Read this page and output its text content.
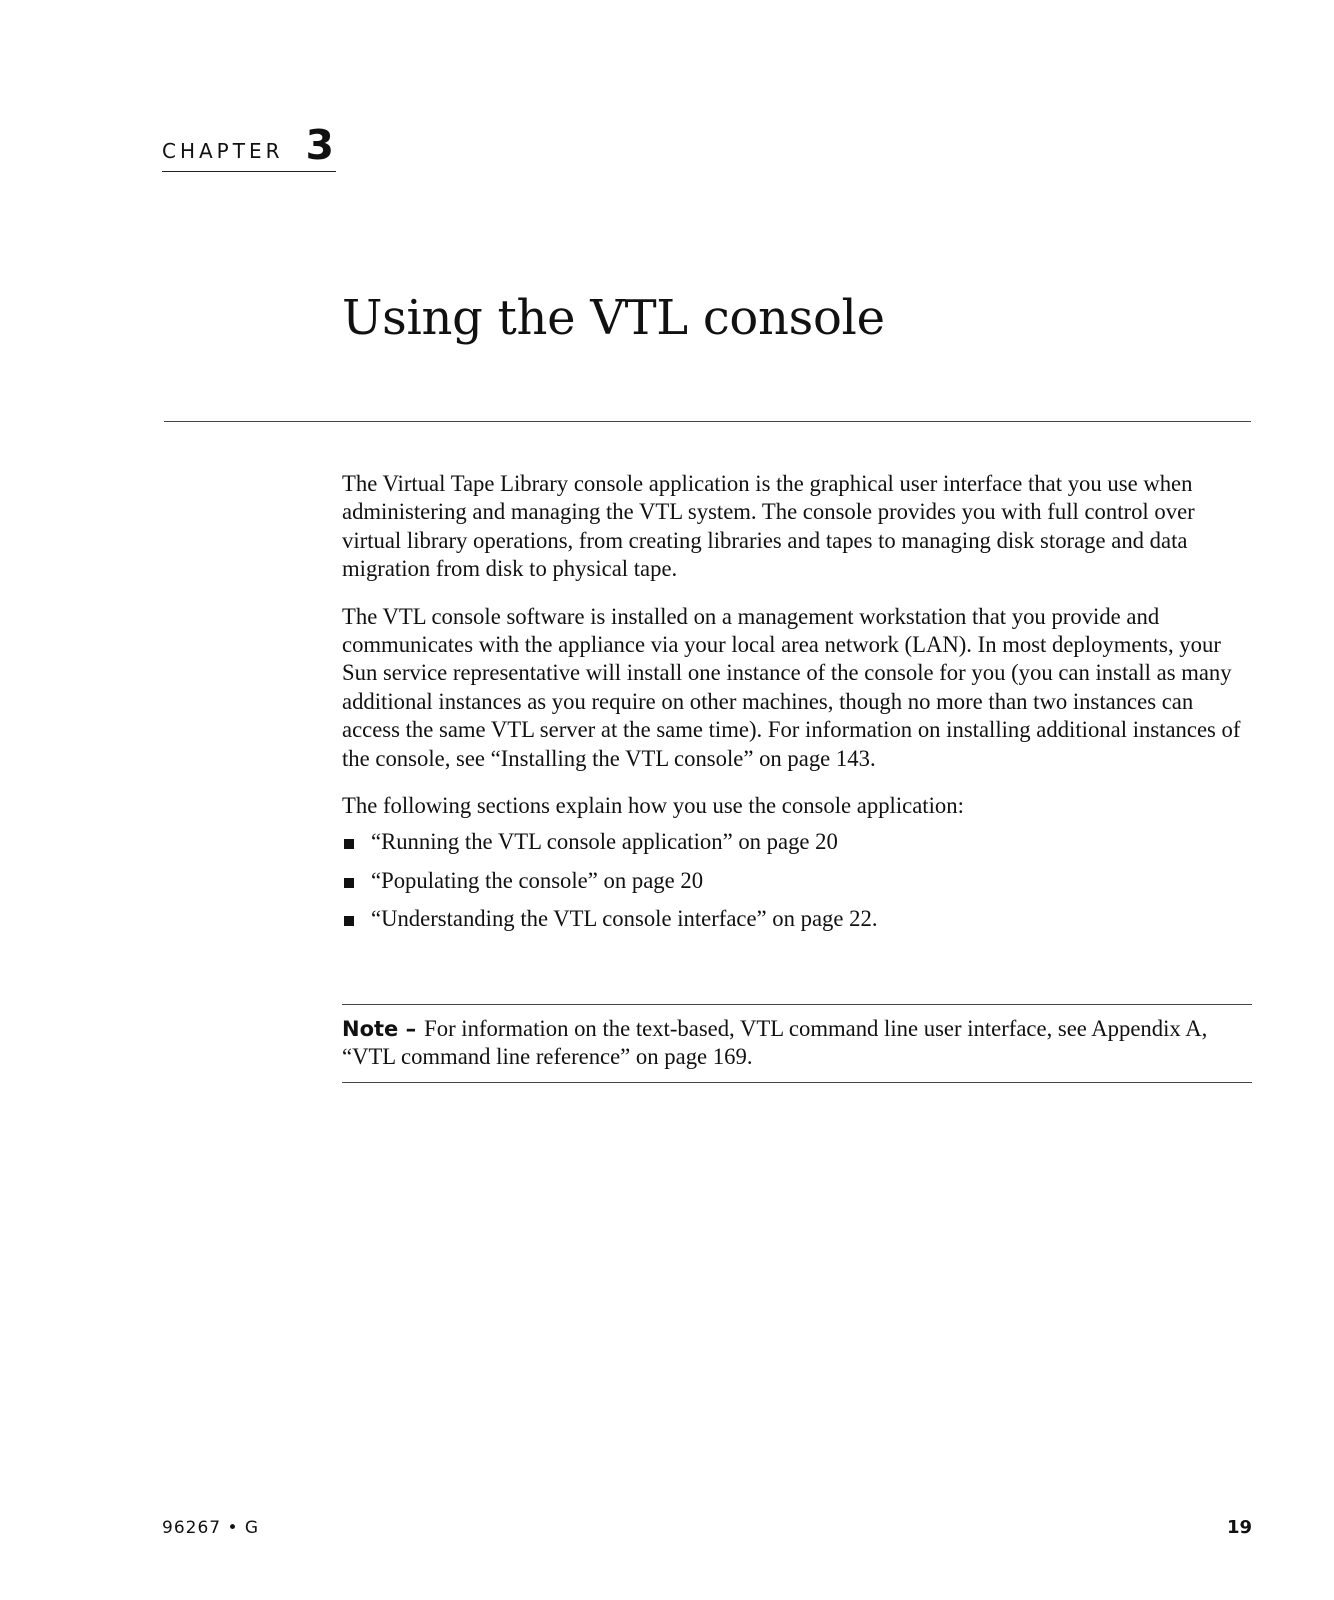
CHAPTER 3
Using the VTL console

The Virtual Tape Library console application is the graphical user interface that you use when administering and managing the VTL system. The console provides you with full control over virtual library operations, from creating libraries and tapes to managing disk storage and data migration from disk to physical tape.

The VTL console software is installed on a management workstation that you provide and communicates with the appliance via your local area network (LAN). In most deployments, your Sun service representative will install one instance of the console for you (you can install as many additional instances as you require on other machines, though no more than two instances can access the same VTL server at the same time). For information on installing additional instances of the console, see “Installing the VTL console” on page 143.

The following sections explain how you use the console application:

“Running the VTL console application” on page 20
“Populating the console” on page 20
“Understanding the VTL console interface” on page 22.
Note – For information on the text-based, VTL command line user interface, see Appendix A, “VTL command line reference” on page 169.
96267 • G	19
